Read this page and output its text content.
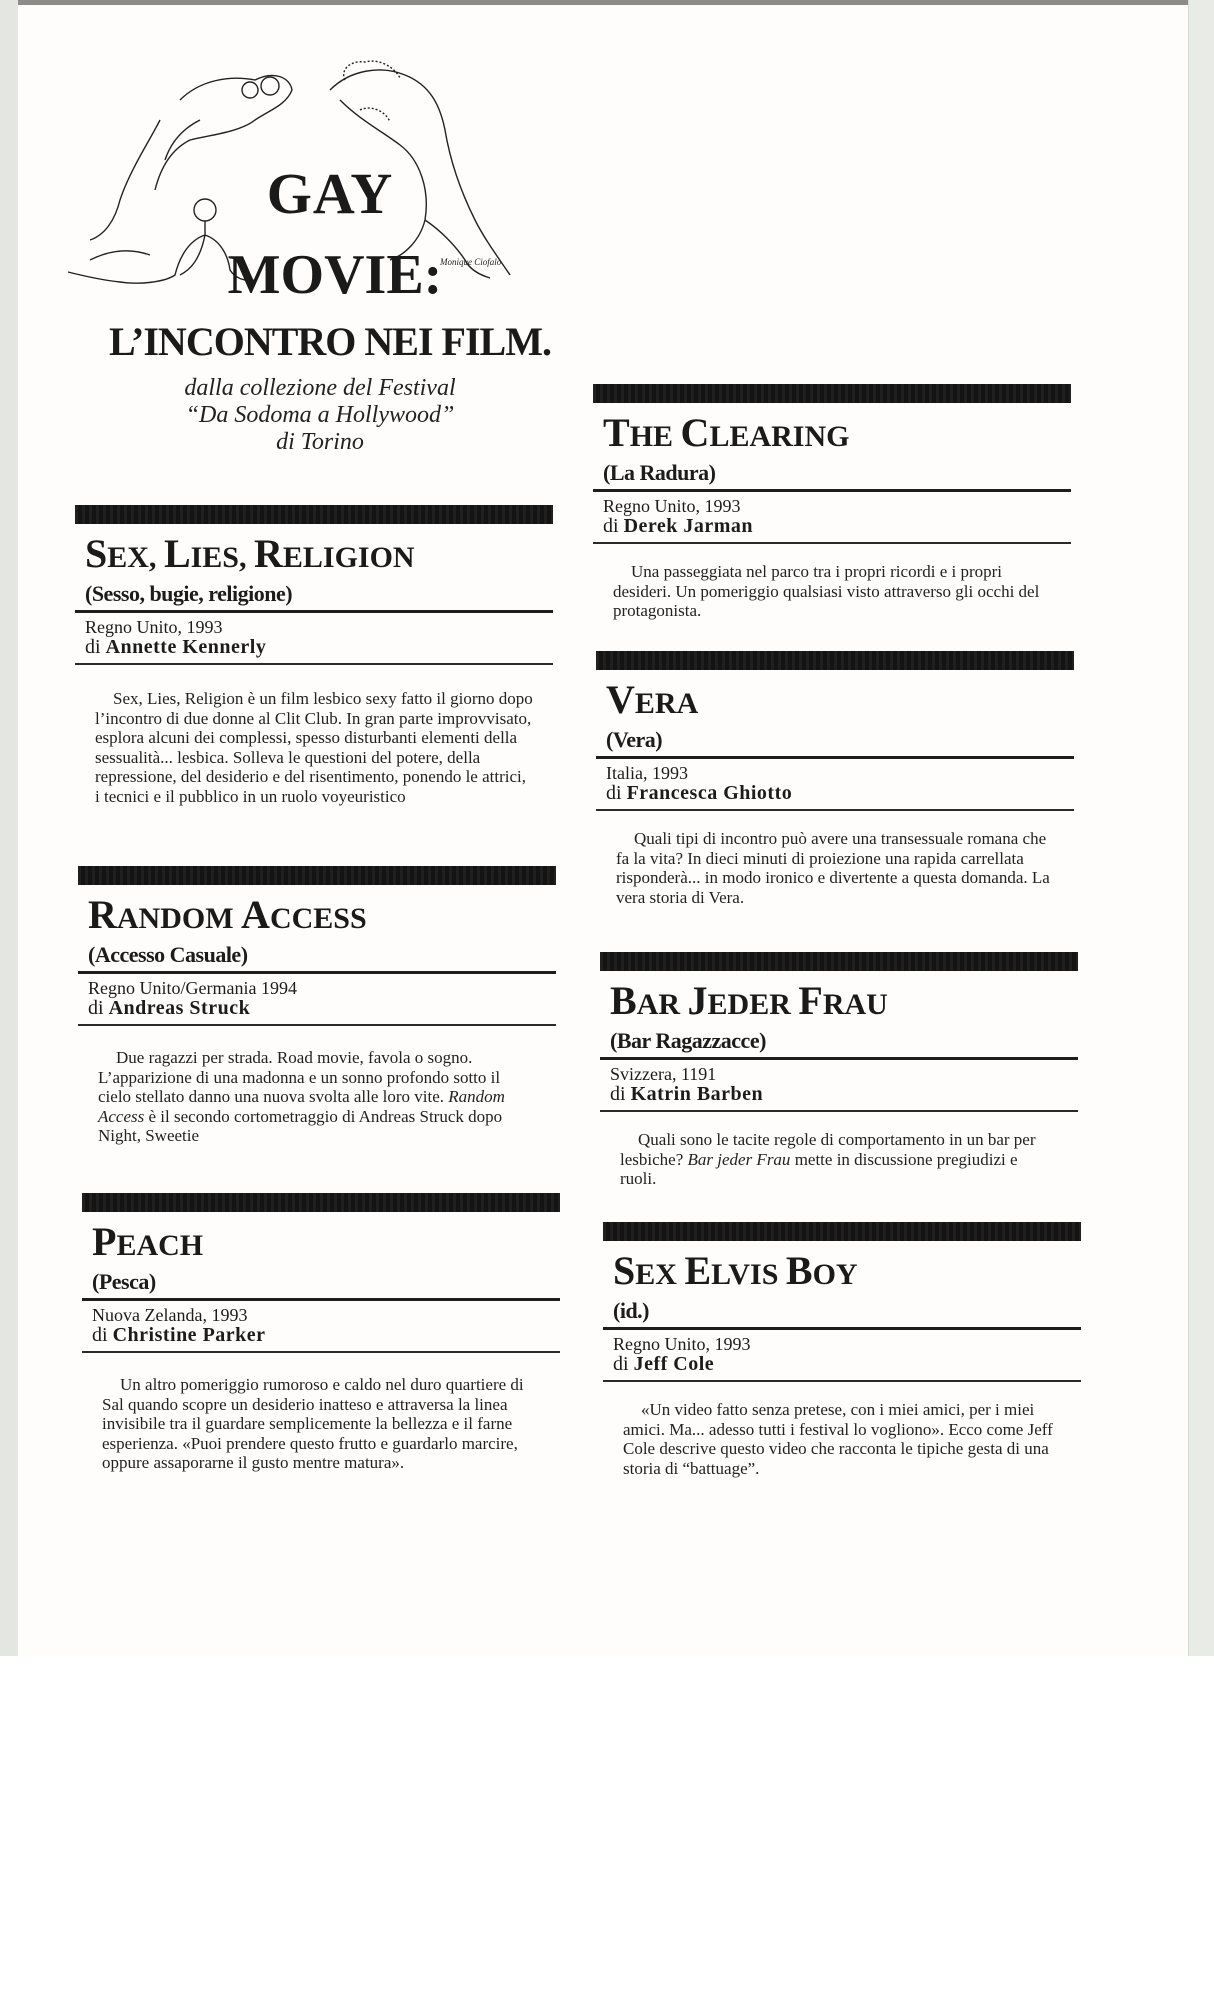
Monique Ciofalo
GAY
MOVIE:
L’INCONTRO NEI FILM.
dalla collezione del Festival
“Da Sodoma a Hollywood”
di Torino
SEX, LIES, RELIGION
(Sesso, bugie, religione)
Regno Unito, 1993
di Annette Kennerly
Sex, Lies, Religion è un film lesbico sexy fatto il giorno dopo l’incontro di due donne al Clit Club. In gran parte improvvisato, esplora alcuni dei complessi, spesso disturbanti elementi della sessualità... lesbica. Solleva le questioni del potere, della repressione, del desiderio e del risentimento, ponendo le attrici, i tecnici e il pubblico in un ruolo voyeuristico
RANDOM ACCESS
(Accesso Casuale)
Regno Unito/Germania 1994
di Andreas Struck
Due ragazzi per strada. Road movie, favola o sogno. L’apparizione di una madonna e un sonno profondo sotto il cielo stellato danno una nuova svolta alle loro vite. Random Access è il secondo cortometraggio di Andreas Struck dopo Night, Sweetie
PEACH
(Pesca)
Nuova Zelanda, 1993
di Christine Parker
Un altro pomeriggio rumoroso e caldo nel duro quartiere di Sal quando scopre un desiderio inatteso e attraversa la linea invisibile tra il guardare semplicemente la bellezza e il farne esperienza. «Puoi prendere questo frutto e guardarlo marcire, oppure assaporarne il gusto mentre matura».
THE CLEARING
(La Radura)
Regno Unito, 1993
di Derek Jarman
Una passeggiata nel parco tra i propri ricordi e i propri desideri. Un pomeriggio qualsiasi visto attraverso gli occhi del protagonista.
VERA
(Vera)
Italia, 1993
di Francesca Ghiotto
Quali tipi di incontro può avere una transessuale romana che fa la vita? In dieci minuti di proiezione una rapida carrellata risponderà... in modo ironico e divertente a questa domanda. La vera storia di Vera.
BAR JEDER FRAU
(Bar Ragazzacce)
Svizzera, 1191
di Katrin Barben
Quali sono le tacite regole di comportamento in un bar per lesbiche? Bar jeder Frau mette in discussione pregiudizi e ruoli.
SEX ELVIS BOY
(id.)
Regno Unito, 1993
di Jeff Cole
«Un video fatto senza pretese, con i miei amici, per i miei amici. Ma... adesso tutti i festival lo vogliono». Ecco come Jeff Cole descrive questo video che racconta le tipiche gesta di una storia di “battuage”.
